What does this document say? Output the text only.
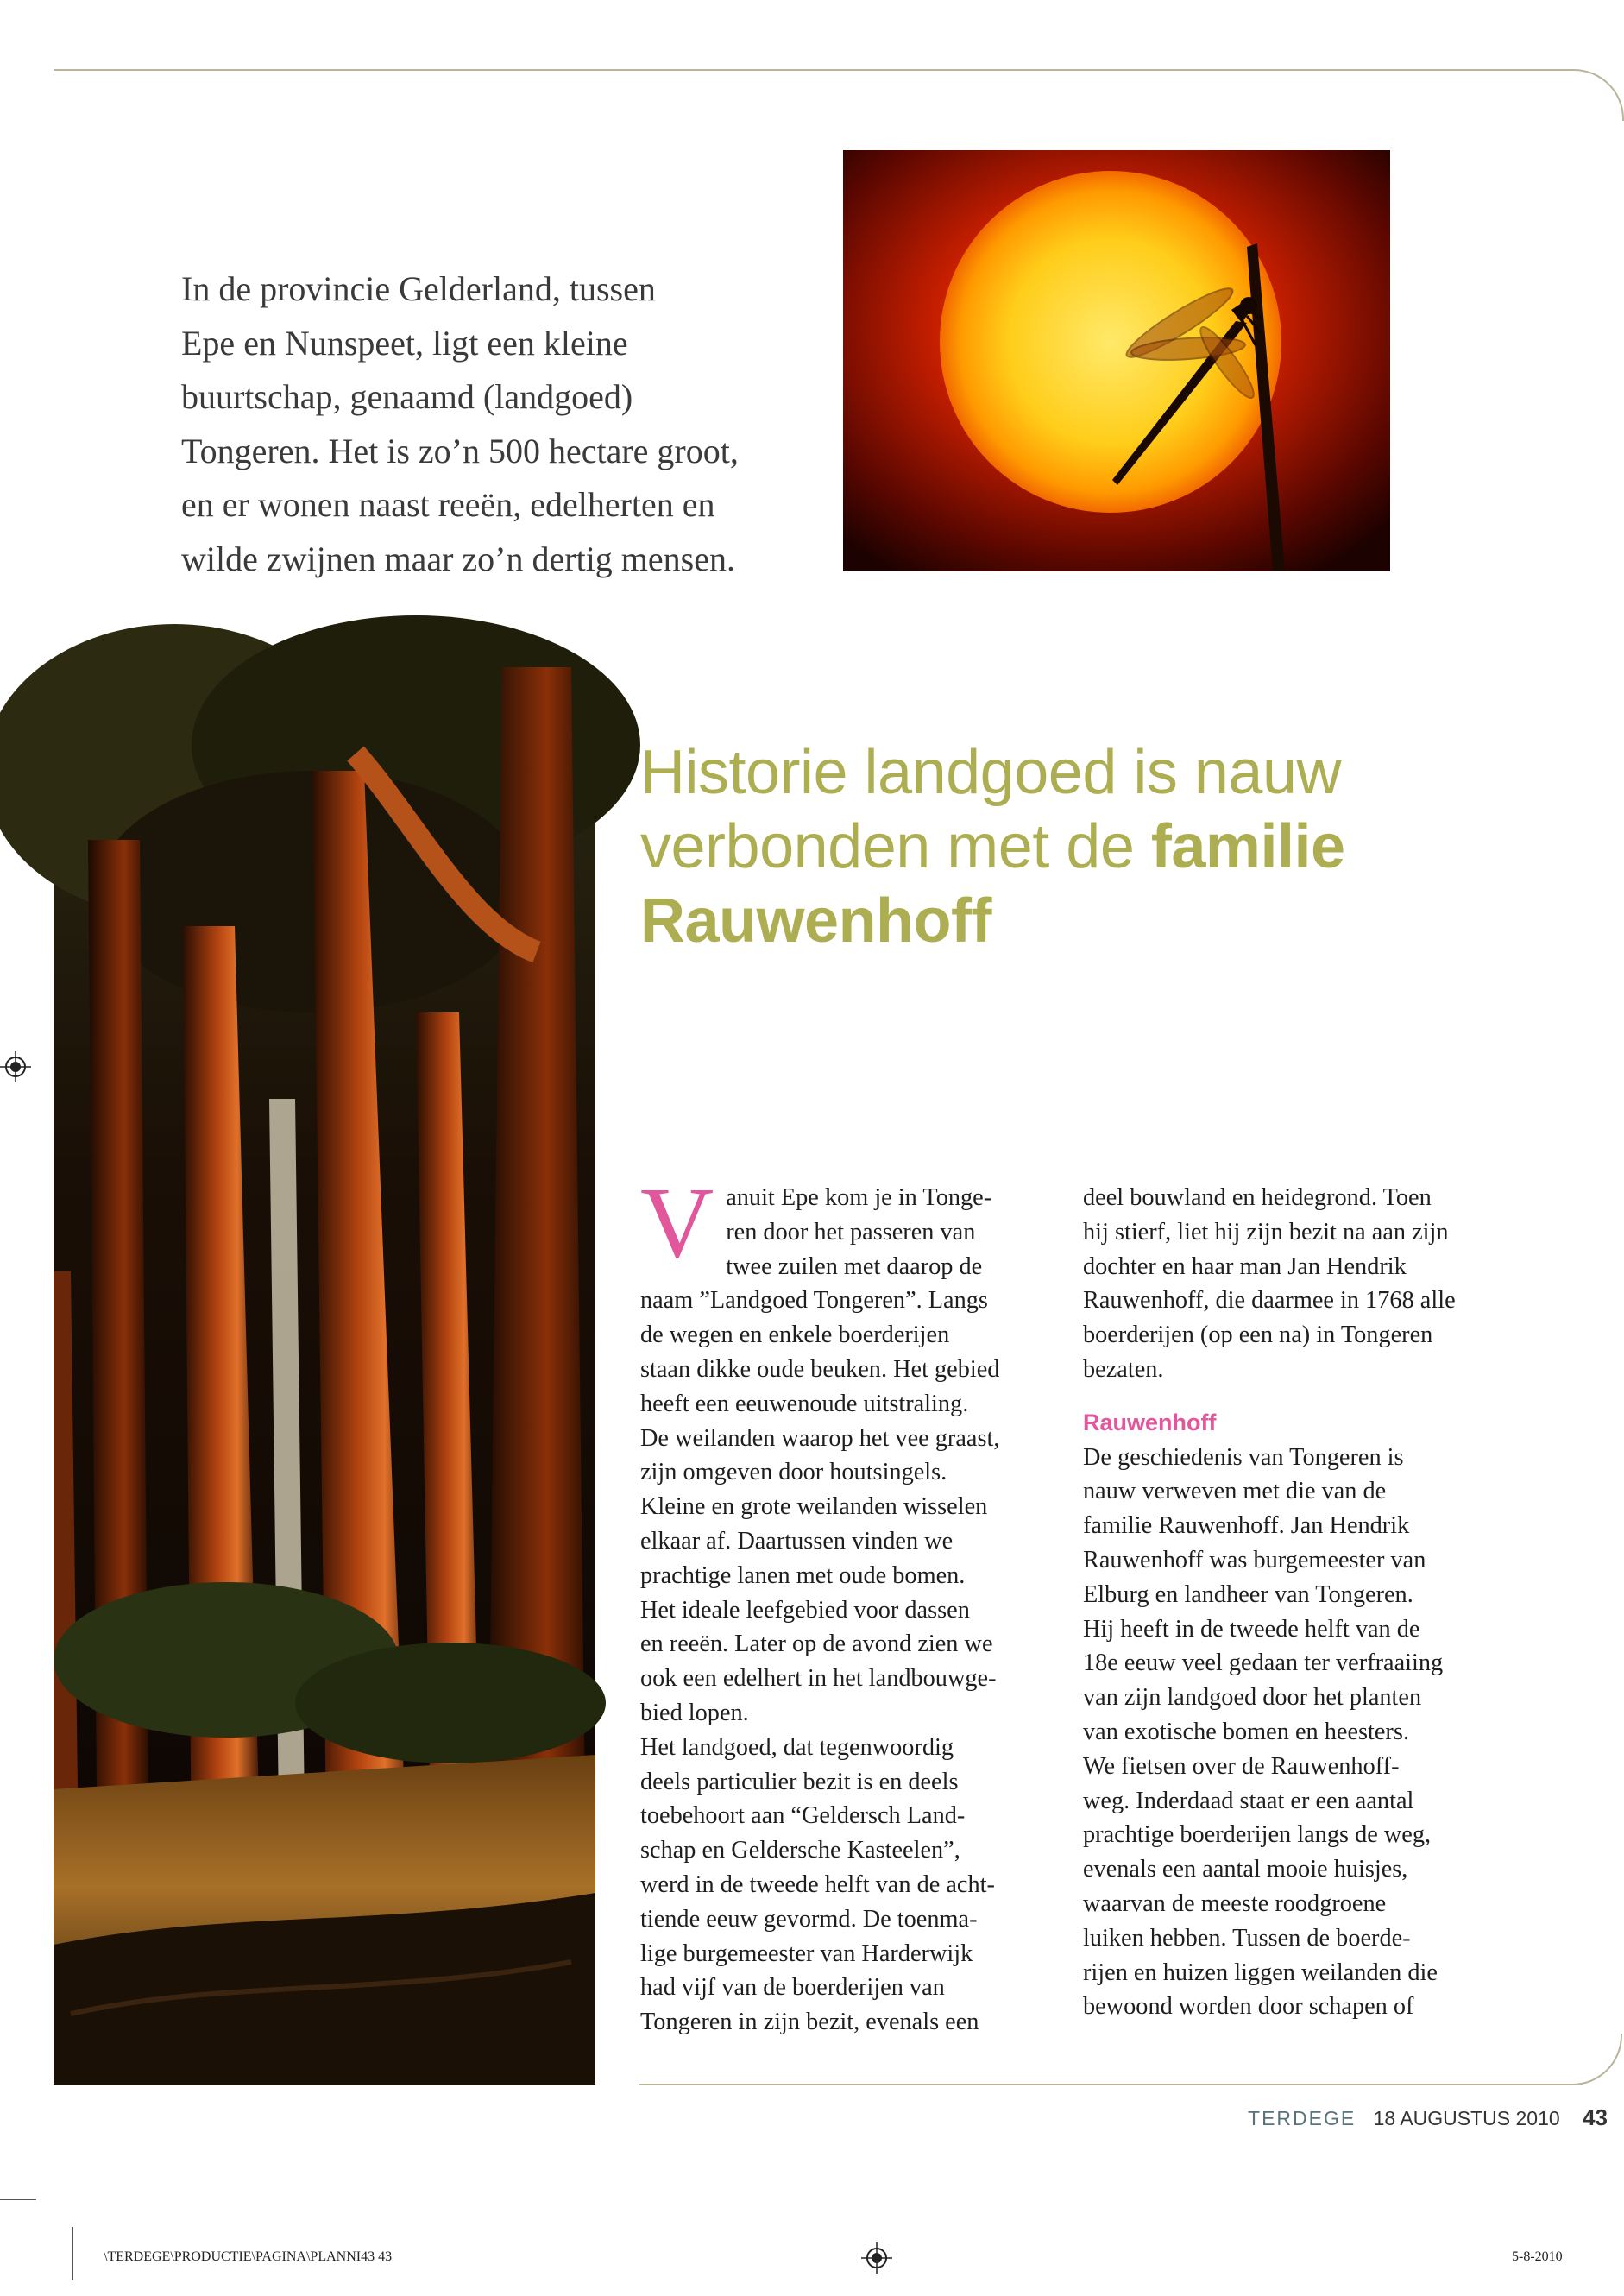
In de provincie Gelderland, tussen

Epe en Nunspeet, ligt een kleine

buurtschap, genaamd (landgoed)

Tongeren. Het is zo’n 500 hectare groot,

en er wonen naast reeën, edelherten en

wilde zwijnen maar zo’n dertig mensen.

Historie landgoed is nauw
verbonden met de familie
Rauwenhoff
V anuit Epe kom je in Tonge-

ren door het passeren van

twee zuilen met daarop de

naam ”Landgoed Tongeren”. Langs

de wegen en enkele boerderijen

staan dikke oude beuken. Het gebied

heeft een eeuwenoude uitstraling.

De weilanden waarop het vee graast,

zijn omgeven door houtsingels.

Kleine en grote weilanden wisselen

elkaar af. Daartussen vinden we

prachtige lanen met oude bomen.

Het ideale leefgebied voor dassen

en reeën. Later op de avond zien we

ook een edelhert in het landbouwge-

bied lopen.

Het landgoed, dat tegenwoordig

deels particulier bezit is en deels

toebehoort aan “Geldersch Land-

schap en Geldersche Kasteelen”,

werd in de tweede helft van de acht-

tiende eeuw gevormd. De toenma-

lige burgemeester van Harderwijk

had vijf van de boerderijen van

Tongeren in zijn bezit, evenals een

deel bouwland en heidegrond. Toen

hij stierf, liet hij zijn bezit na aan zijn

dochter en haar man Jan Hendrik

Rauwenhoff, die daarmee in 1768 alle

boerderijen (op een na) in Tongeren

bezaten.

Rauwenhoff

De geschiedenis van Tongeren is

nauw verweven met die van de

familie Rauwenhoff. Jan Hendrik

Rauwenhoff was burgemeester van

Elburg en landheer van Tongeren.

Hij heeft in de tweede helft van de

18e eeuw veel gedaan ter verfraaiing

van zijn landgoed door het planten

van exotische bomen en heesters.

We fietsen over de Rauwenhoff-

weg. Inderdaad staat er een aantal

prachtige boerderijen langs de weg,

evenals een aantal mooie huisjes,

waarvan de meeste roodgroene

luiken hebben. Tussen de boerde-

rijen en huizen liggen weilanden die

bewoond worden door schapen of

TERDEGE 18 AUGUSTUS 2010 43
\TERDEGE\PRODUCTIE\PAGINA\PLANNI43 43	5-8-2010
